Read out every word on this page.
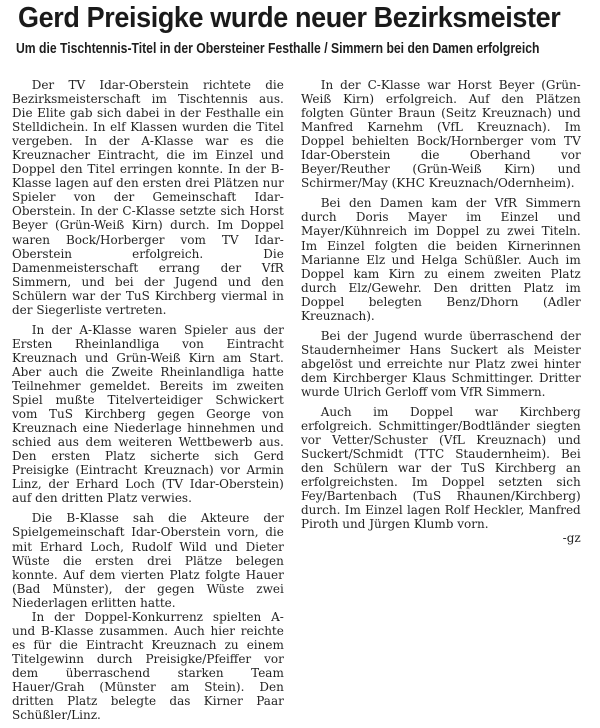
Gerd Preisigke wurde neuer Bezirksmeister
Um die Tischtennis-Titel in der Obersteiner Festhalle / Simmern bei den Damen erfolgreich

Der TV Idar-Oberstein richtete die Bezirksmeisterschaft im Tischtennis aus. Die Elite gab sich dabei in der Festhalle ein Stelldichein. In elf Klassen wurden die Titel vergeben. In der A-Klasse war es die Kreuznacher Eintracht, die im Einzel und Doppel den Titel erringen konnte. In der B-Klasse lagen auf den ersten drei Plätzen nur Spieler von der Gemeinschaft Idar-Oberstein. In der C-Klasse setzte sich Horst Beyer (Grün-Weiß Kirn) durch. Im Doppel waren Bock/Horberger vom TV Idar-Oberstein erfolgreich. Die Damenmeisterschaft errang der VfR Simmern, und bei der Jugend und den Schülern war der TuS Kirchberg viermal in der Siegerliste vertreten.

In der A-Klasse waren Spieler aus der Ersten Rheinlandliga von Eintracht Kreuznach und Grün-Weiß Kirn am Start. Aber auch die Zweite Rheinlandliga hatte Teilnehmer gemeldet. Bereits im zweiten Spiel mußte Titelverteidiger Schwickert vom TuS Kirchberg gegen George von Kreuznach eine Niederlage hinnehmen und schied aus dem weiteren Wettbewerb aus. Den ersten Platz sicherte sich Gerd Preisigke (Eintracht Kreuznach) vor Armin Linz, der Erhard Loch (TV Idar-Oberstein) auf den dritten Platz verwies.

Die B-Klasse sah die Akteure der Spielgemeinschaft Idar-Oberstein vorn, die mit Erhard Loch, Rudolf Wild und Dieter Wüste die ersten drei Plätze belegen konnte. Auf dem vierten Platz folgte Hauer (Bad Münster), der gegen Wüste zwei Niederlagen erlitten hatte.

In der Doppel-Konkurrenz spielten A- und B-Klasse zusammen. Auch hier reichte es für die Eintracht Kreuznach zu einem Titelgewinn durch Preisigke/Pfeiffer vor dem überraschend starken Team Hauer/Grah (Münster am Stein). Den dritten Platz belegte das Kirner Paar Schüßler/Linz.

In der C-Klasse war Horst Beyer (Grün-Weiß Kirn) erfolgreich. Auf den Plätzen folgten Günter Braun (Seitz Kreuznach) und Manfred Karnehm (VfL Kreuznach). Im Doppel behielten Bock/Hornberger vom TV Idar-Oberstein die Oberhand vor Beyer/Reuther (Grün-Weiß Kirn) und Schirmer/May (KHC Kreuznach/Odernheim).

Bei den Damen kam der VfR Simmern durch Doris Mayer im Einzel und Mayer/Kühnreich im Doppel zu zwei Titeln. Im Einzel folgten die beiden Kirnerinnen Marianne Elz und Helga Schüßler. Auch im Doppel kam Kirn zu einem zweiten Platz durch Elz/Gewehr. Den dritten Platz im Doppel belegten Benz/Dhorn (Adler Kreuznach).

Bei der Jugend wurde überraschend der Staudernheimer Hans Suckert als Meister abgelöst und erreichte nur Platz zwei hinter dem Kirchberger Klaus Schmittinger. Dritter wurde Ulrich Gerloff vom VfR Simmern.

Auch im Doppel war Kirchberg erfolgreich. Schmittinger/Bodtländer siegten vor Vetter/Schuster (VfL Kreuznach) und Suckert/Schmidt (TTC Staudernheim). Bei den Schülern war der TuS Kirchberg an erfolgreichsten. Im Doppel setzten sich Fey/Bartenbach (TuS Rhaunen/Kirchberg) durch. Im Einzel lagen Rolf Heckler, Manfred Piroth und Jürgen Klumb vorn.

-gz
